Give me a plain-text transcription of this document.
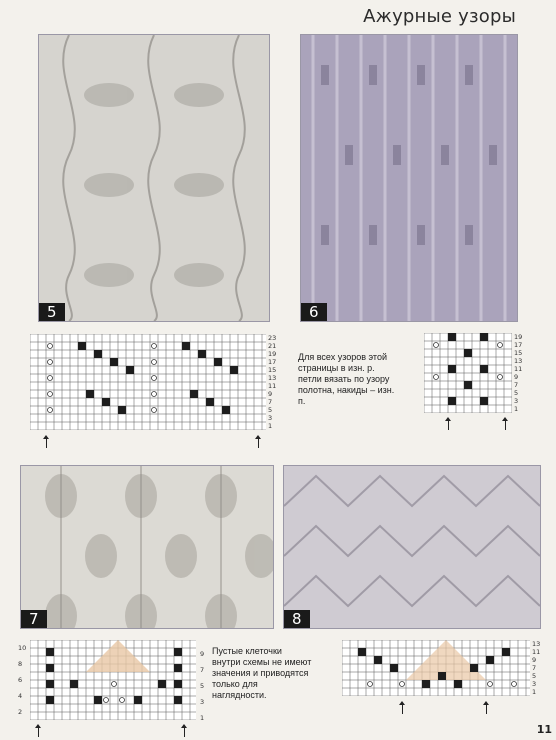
Ажурные узоры
5	6
23
21
19
17
15
13
11
9
7
5
3
1
Для всех узоров этой страницы в изн. р. петли вязать по узору полотна, накиды – изн. п.
19
17
15
13
11
9
7
5
3
1
7	8
10
8
6
4
2
9
7
5
3
1
Пустые клеточки внутри схемы не имеют значения и приводятся только для наглядности.
13
11
9
7
5
3
1
11
